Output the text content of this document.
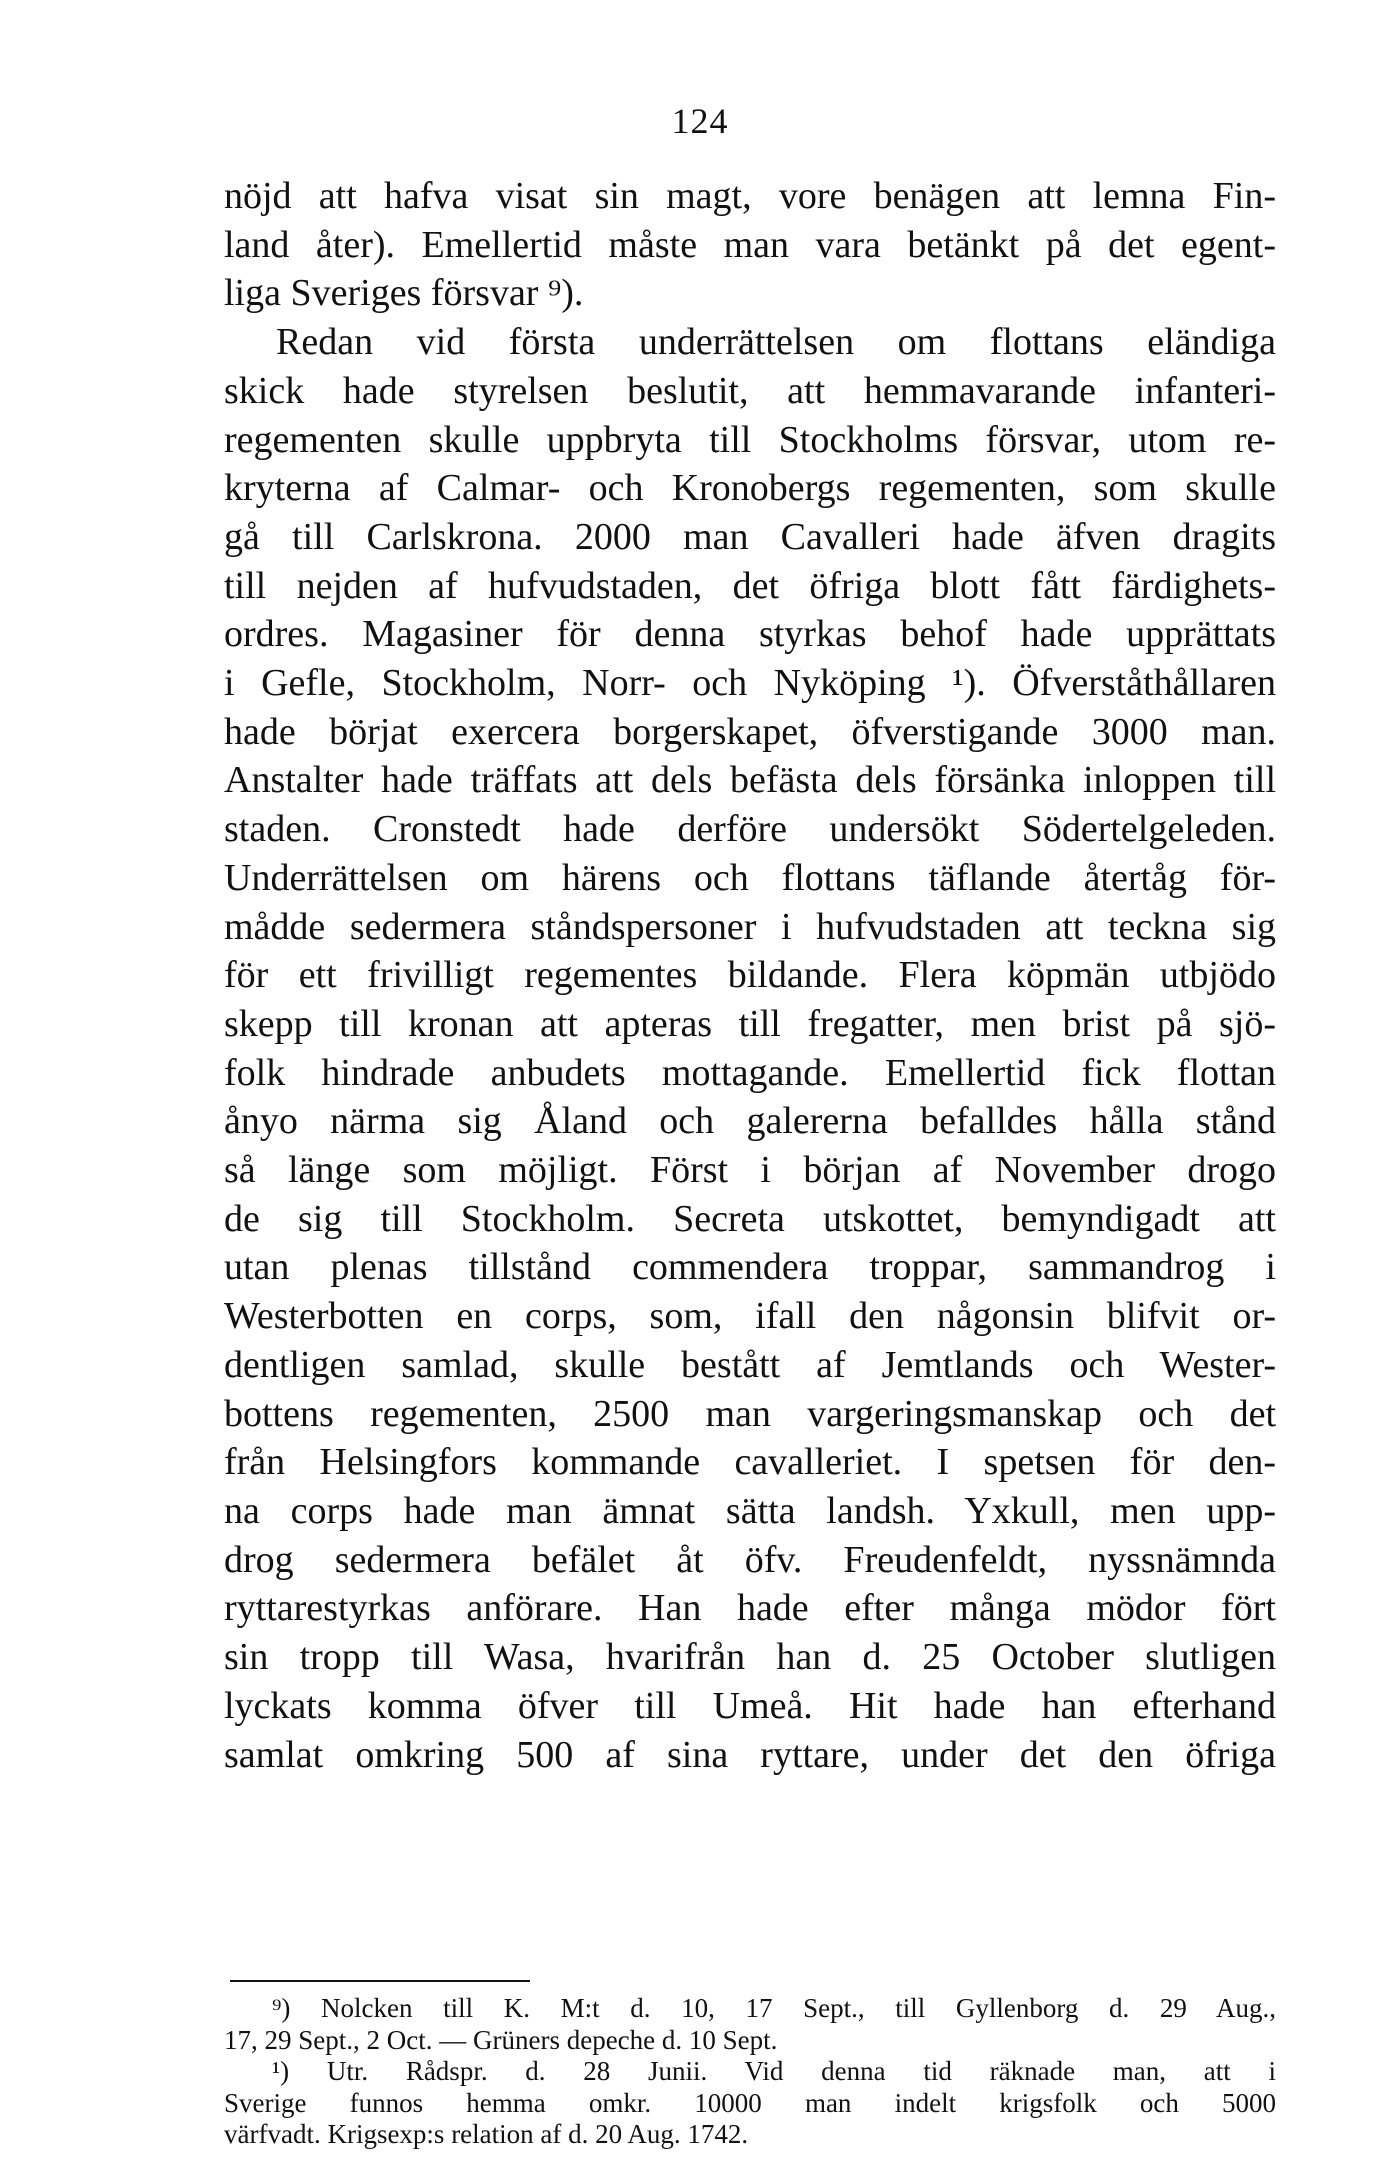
124
nöjd att hafva visat sin magt, vore benägen att lemna Fin-
land åter). Emellertid måste man vara betänkt på det egent-
liga Sveriges försvar ⁹).
Redan vid första underrättelsen om flottans eländiga
skick hade styrelsen beslutit, att hemmavarande infanteri-
regementen skulle uppbryta till Stockholms försvar, utom re-
kryterna af Calmar- och Kronobergs regementen, som skulle
gå till Carlskrona. 2000 man Cavalleri hade äfven dragits
till nejden af hufvudstaden, det öfriga blott fått färdighets-
ordres. Magasiner för denna styrkas behof hade upprättats
i Gefle, Stockholm, Norr- och Nyköping ¹). Öfverståthållaren
hade börjat exercera borgerskapet, öfverstigande 3000 man.
Anstalter hade träffats att dels befästa dels försänka inloppen till
staden. Cronstedt hade derföre undersökt Södertelgeleden.
Underrättelsen om härens och flottans täflande återtåg för-
mådde sedermera ståndspersoner i hufvudstaden att teckna sig
för ett frivilligt regementes bildande. Flera köpmän utbjödo
skepp till kronan att apteras till fregatter, men brist på sjö-
folk hindrade anbudets mottagande. Emellertid fick flottan
ånyo närma sig Åland och galererna befalldes hålla stånd
så länge som möjligt. Först i början af November drogo
de sig till Stockholm. Secreta utskottet, bemyndigadt att
utan plenas tillstånd commendera troppar, sammandrog i
Westerbotten en corps, som, ifall den någonsin blifvit or-
dentligen samlad, skulle bestått af Jemtlands och Wester-
bottens regementen, 2500 man vargeringsmanskap och det
från Helsingfors kommande cavalleriet. I spetsen för den-
na corps hade man ämnat sätta landsh. Yxkull, men upp-
drog sedermera befälet åt öfv. Freudenfeldt, nyssnämnda
ryttarestyrkas anförare. Han hade efter många mödor fört
sin tropp till Wasa, hvarifrån han d. 25 October slutligen
lyckats komma öfver till Umeå. Hit hade han efterhand
samlat omkring 500 af sina ryttare, under det den öfriga
⁹) Nolcken till K. M:t d. 10, 17 Sept., till Gyllenborg d. 29 Aug.,
17, 29 Sept., 2 Oct. — Grüners depeche d. 10 Sept.
¹) Utr. Rådspr. d. 28 Junii. Vid denna tid räknade man, att i
Sverige funnos hemma omkr. 10000 man indelt krigsfolk och 5000
värfvadt. Krigsexp:s relation af d. 20 Aug. 1742.
